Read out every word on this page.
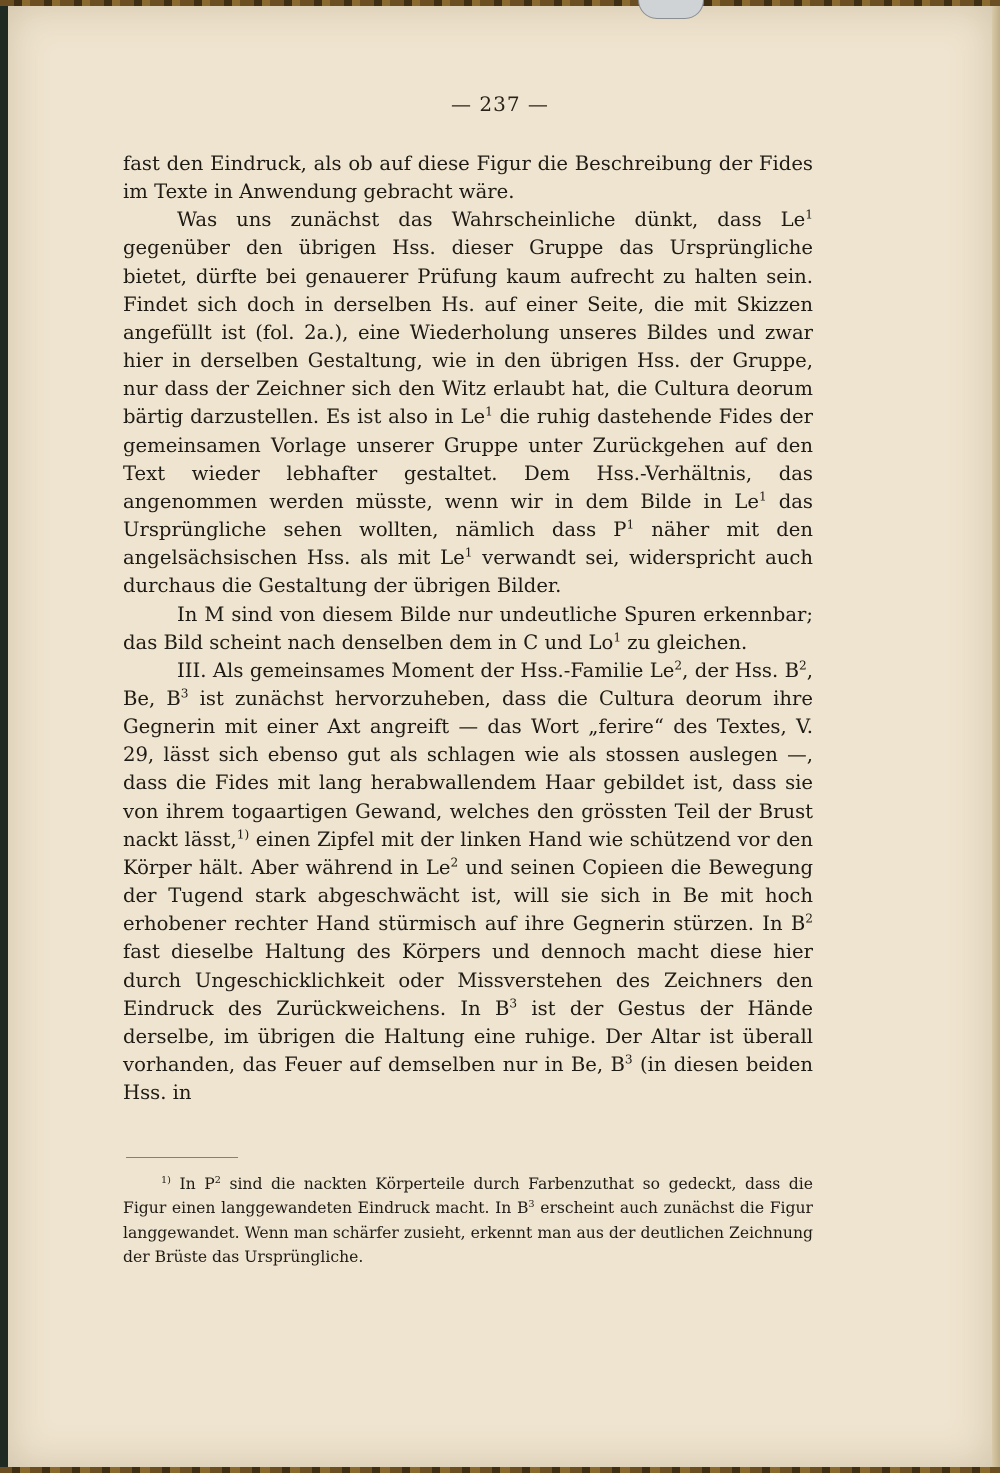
— 237 —

fast den Eindruck, als ob auf diese Figur die Beschreibung der Fides im Texte in Anwendung gebracht wäre.

Was uns zunächst das Wahrscheinliche dünkt, dass Le$^1$ gegenüber den übrigen Hss. dieser Gruppe das Ursprüngliche bietet, dürfte bei genauerer Prüfung kaum aufrecht zu halten sein. Findet sich doch in derselben Hs. auf einer Seite, die mit Skizzen angefüllt ist (fol. 2a.), eine Wiederholung unseres Bildes und zwar hier in derselben Gestaltung, wie in den übrigen Hss. der Gruppe, nur dass der Zeichner sich den Witz erlaubt hat, die Cultura deorum bärtig darzustellen. Es ist also in Le$^1$ die ruhig dastehende Fides der gemeinsamen Vorlage unserer Gruppe unter Zurückgehen auf den Text wieder lebhafter gestaltet. Dem Hss.-Verhältnis, das angenommen werden müsste, wenn wir in dem Bilde in Le$^1$ das Ursprüngliche sehen wollten, nämlich dass $P^1$ näher mit den angelsächsischen Hss. als mit Le$^1$ verwandt sei, widerspricht auch durchaus die Gestaltung der übrigen Bilder.

In M sind von diesem Bilde nur undeutliche Spuren erkennbar; das Bild scheint nach denselben dem in C und Lo$^1$ zu gleichen.

III. Als gemeinsames Moment der Hss.-Familie Le$^2$, der Hss. $B^2$, Be, $B^3$ ist zunächst hervorzuheben, dass die Cultura deorum ihre Gegnerin mit einer Axt angreift — das Wort „ferire“ des Textes, V. 29, lässt sich ebenso gut als schlagen wie als stossen auslegen —, dass die Fides mit lang herabwallendem Haar gebildet ist, dass sie von ihrem togaartigen Gewand, welches den grössten Teil der Brust nackt lässt,$^{1)}$ einen Zipfel mit der linken Hand wie schützend vor den Körper hält. Aber während in Le$^2$ und seinen Copieen die Bewegung der Tugend stark abgeschwächt ist, will sie sich in Be mit hoch erhobener rechter Hand stürmisch auf ihre Gegnerin stürzen. In $B^2$ fast dieselbe Haltung des Körpers und dennoch macht diese hier durch Ungeschicklichkeit oder Missverstehen des Zeichners den Eindruck des Zurückweichens. In $B^3$ ist der Gestus der Hände derselbe, im übrigen die Haltung eine ruhige. Der Altar ist überall vorhanden, das Feuer auf demselben nur in Be, $B^3$ (in diesen beiden Hss. in

$^{1)}$ In $P^2$ sind die nackten Körperteile durch Farbenzuthat so gedeckt, dass die Figur einen langgewandeten Eindruck macht. In $B^3$ erscheint auch zunächst die Figur langgewandet. Wenn man schärfer zusieht, erkennt man aus der deutlichen Zeichnung der Brüste das Ursprüngliche.
